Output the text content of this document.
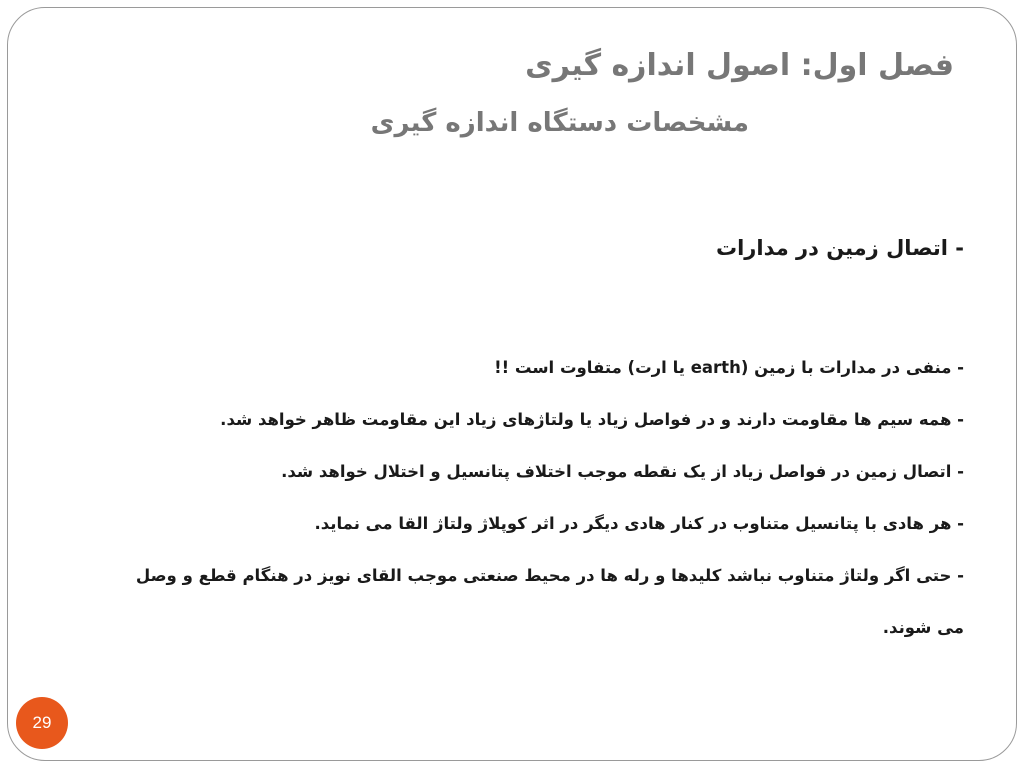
فصل اول: اصول اندازه گیری
مشخصات دستگاه اندازه گیری
- اتصال زمین در مدارات

- منفی در مدارات با زمین (earth یا ارت) متفاوت است !!

- همه سیم ها مقاومت دارند و در فواصل زیاد یا ولتاژهای زیاد این مقاومت ظاهر خواهد شد.

- اتصال زمین در فواصل زیاد از یک نقطه موجب اختلاف پتانسیل و اختلال خواهد شد.

- هر هادی با پتانسیل متناوب در کنار هادی دیگر در اثر کوپلاژ ولتاژ القا می نماید.

- حتی اگر ولتاژ متناوب نباشد کلیدها و رله ها در محیط صنعتی موجب القای نویز در هنگام قطع و وصل می شوند.

29
